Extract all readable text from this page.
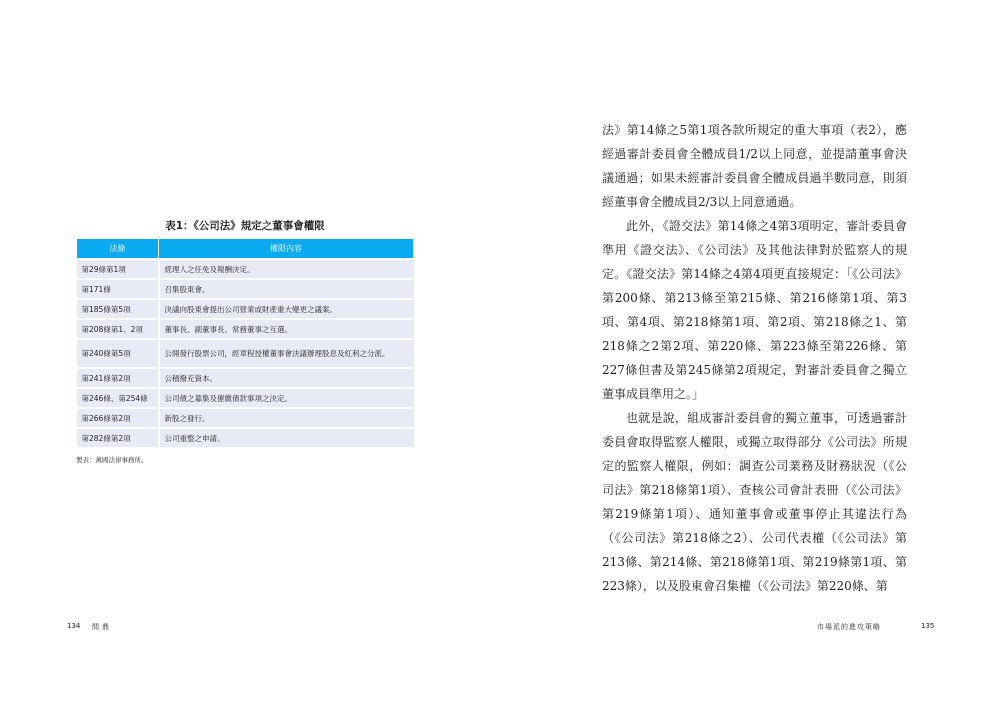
表1：《公司法》規定之董事會權限
法條	權限內容
第29條第1項	經理人之任免及報酬決定。
第171條	召集股東會。
第185條第5項	決議向股東會提出公司營業或財產重大變更之議案。
第208條第1、2項	董事長、副董事長、常務董事之互選。
第240條第5項	公開發行股票公司，經章程授權董事會決議辦理股息及紅利之分派。
第241條第2項	公積撥充資本。
第246條、第254條	公司債之募集及催繳債款事項之決定。
第266條第2項	新股之發行。
第282條第2項	公司重整之申請。
製表：萬國法律事務所。
134 問鼎

法》第14條之5第1項各款所規定的重大事項（表2），應經過審計委員會全體成員1/2以上同意，並提請董事會決議通過；如果未經審計委員會全體成員過半數同意，則須經董事會全體成員2/3以上同意通過。

此外，《證交法》第14條之4第3項明定，審計委員會準用《證交法》、《公司法》及其他法律對於監察人的規定。《證交法》第14條之4第4項更直接規定：「《公司法》第200條、第213條至第215條、第216條第1項、第3項、第4項、第218條第1項、第2項、第218條之1、第218條之2第2項、第220條、第223條至第226條、第227條但書及第245條第2項規定，對審計委員會之獨立董事成員準用之。」

也就是說，組成審計委員會的獨立董事，可透過審計委員會取得監察人權限，或獨立取得部分《公司法》所規定的監察人權限，例如：調查公司業務及財務狀況（《公司法》第218條第1項）、查核公司會計表冊（《公司法》第219條第1項）、通知董事會或董事停止其違法行為（《公司法》第218條之2）、公司代表權（《公司法》第213條、第214條、第218條第1項、第219條第1項、第223條），以及股東會召集權（《公司法》第220條、第

市場派的進攻策略	135
